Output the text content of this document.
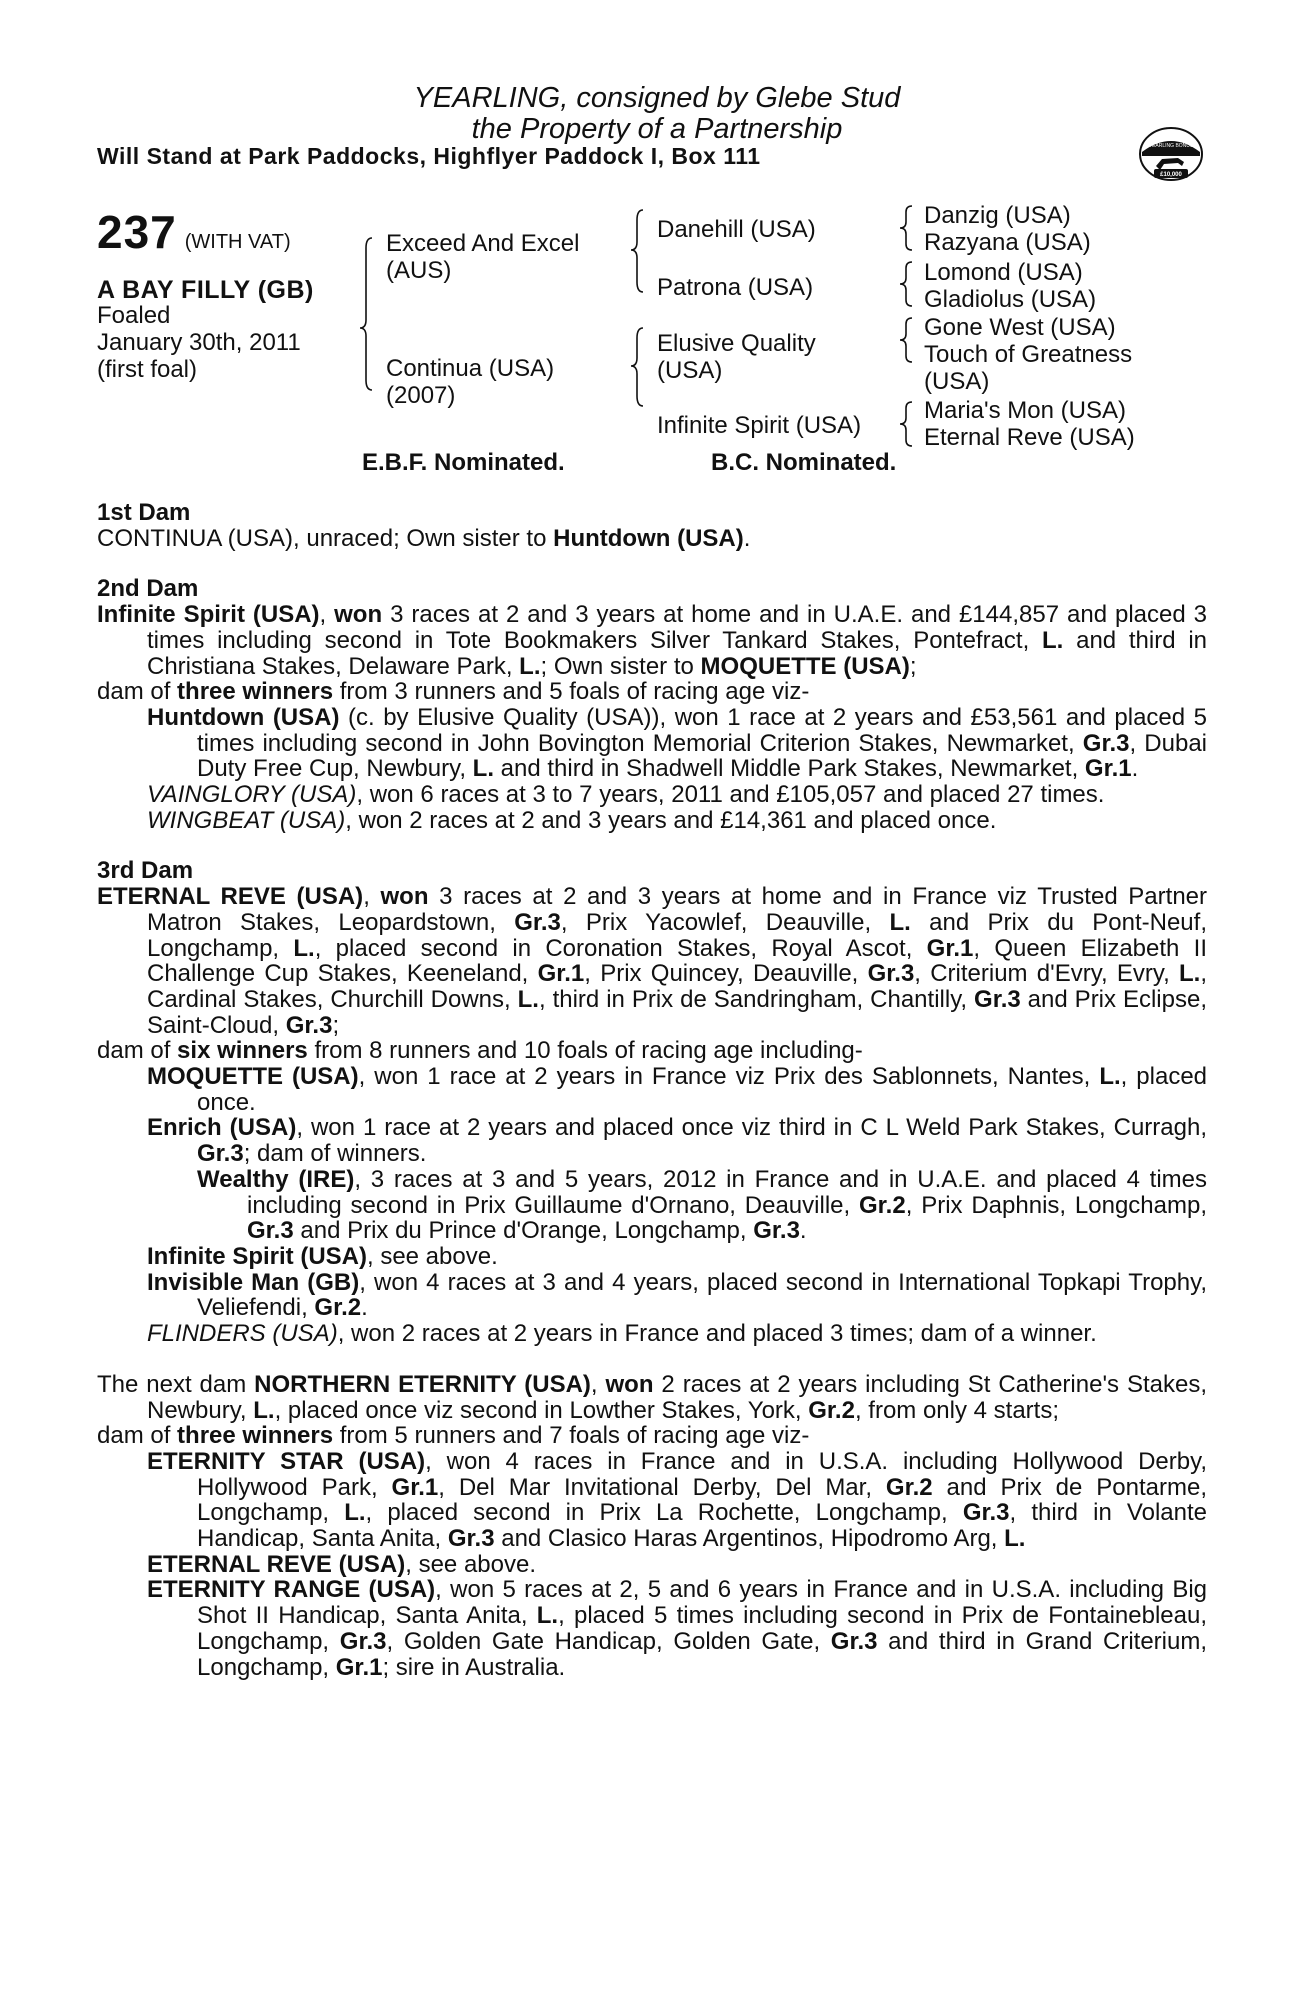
YEARLING, consigned by Glebe Stud
the Property of a Partnership
Will Stand at Park Paddocks, Highflyer Paddock I, Box 111
RACING POST
YEARLING BONUS
£10,000
237 (WITH VAT)
A BAY FILLY (GB)
Foaled
January 30th, 2011
(first foal)
Exceed And Excel
(AUS)
Continua (USA)
(2007)
Danehill (USA)
Patrona (USA)
Elusive Quality
(USA)
Infinite Spirit (USA)
Danzig (USA)
Razyana (USA)
Lomond (USA)
Gladiolus (USA)
Gone West (USA)
Touch of Greatness
(USA)
Maria's Mon (USA)
Eternal Reve (USA)
E.B.F. Nominated.	B.C. Nominated.
1st Dam
CONTINUA (USA), unraced; Own sister to Huntdown (USA).
2nd Dam
Infinite Spirit (USA), won 3 races at 2 and 3 years at home and in U.A.E. and £144,857 and placed 3 times including second in Tote Bookmakers Silver Tankard Stakes, Pontefract, L. and third in Christiana Stakes, Delaware Park, L.; Own sister to MOQUETTE (USA);
dam of three winners from 3 runners and 5 foals of racing age viz-
Huntdown (USA) (c. by Elusive Quality (USA)), won 1 race at 2 years and £53,561 and placed 5 times including second in John Bovington Memorial Criterion Stakes, Newmarket, Gr.3, Dubai Duty Free Cup, Newbury, L. and third in Shadwell Middle Park Stakes, Newmarket, Gr.1.
VAINGLORY (USA), won 6 races at 3 to 7 years, 2011 and £105,057 and placed 27 times.
WINGBEAT (USA), won 2 races at 2 and 3 years and £14,361 and placed once.
3rd Dam
ETERNAL REVE (USA), won 3 races at 2 and 3 years at home and in France viz Trusted Partner Matron Stakes, Leopardstown, Gr.3, Prix Yacowlef, Deauville, L. and Prix du Pont-Neuf, Longchamp, L., placed second in Coronation Stakes, Royal Ascot, Gr.1, Queen Elizabeth II Challenge Cup Stakes, Keeneland, Gr.1, Prix Quincey, Deauville, Gr.3, Criterium d'Evry, Evry, L., Cardinal Stakes, Churchill Downs, L., third in Prix de Sandringham, Chantilly, Gr.3 and Prix Eclipse, Saint-Cloud, Gr.3;
dam of six winners from 8 runners and 10 foals of racing age including-
MOQUETTE (USA), won 1 race at 2 years in France viz Prix des Sablonnets, Nantes, L., placed once.
Enrich (USA), won 1 race at 2 years and placed once viz third in C L Weld Park Stakes, Curragh, Gr.3; dam of winners.
Wealthy (IRE), 3 races at 3 and 5 years, 2012 in France and in U.A.E. and placed 4 times including second in Prix Guillaume d'Ornano, Deauville, Gr.2, Prix Daphnis, Longchamp, Gr.3 and Prix du Prince d'Orange, Longchamp, Gr.3.
Infinite Spirit (USA), see above.
Invisible Man (GB), won 4 races at 3 and 4 years, placed second in International Topkapi Trophy, Veliefendi, Gr.2.
FLINDERS (USA), won 2 races at 2 years in France and placed 3 times; dam of a winner.
The next dam NORTHERN ETERNITY (USA), won 2 races at 2 years including St Catherine's Stakes, Newbury, L., placed once viz second in Lowther Stakes, York, Gr.2, from only 4 starts;
dam of three winners from 5 runners and 7 foals of racing age viz-
ETERNITY STAR (USA), won 4 races in France and in U.S.A. including Hollywood Derby, Hollywood Park, Gr.1, Del Mar Invitational Derby, Del Mar, Gr.2 and Prix de Pontarme, Longchamp, L., placed second in Prix La Rochette, Longchamp, Gr.3, third in Volante Handicap, Santa Anita, Gr.3 and Clasico Haras Argentinos, Hipodromo Arg, L.
ETERNAL REVE (USA), see above.
ETERNITY RANGE (USA), won 5 races at 2, 5 and 6 years in France and in U.S.A. including Big Shot II Handicap, Santa Anita, L., placed 5 times including second in Prix de Fontainebleau, Longchamp, Gr.3, Golden Gate Handicap, Golden Gate, Gr.3 and third in Grand Criterium, Longchamp, Gr.1; sire in Australia.
